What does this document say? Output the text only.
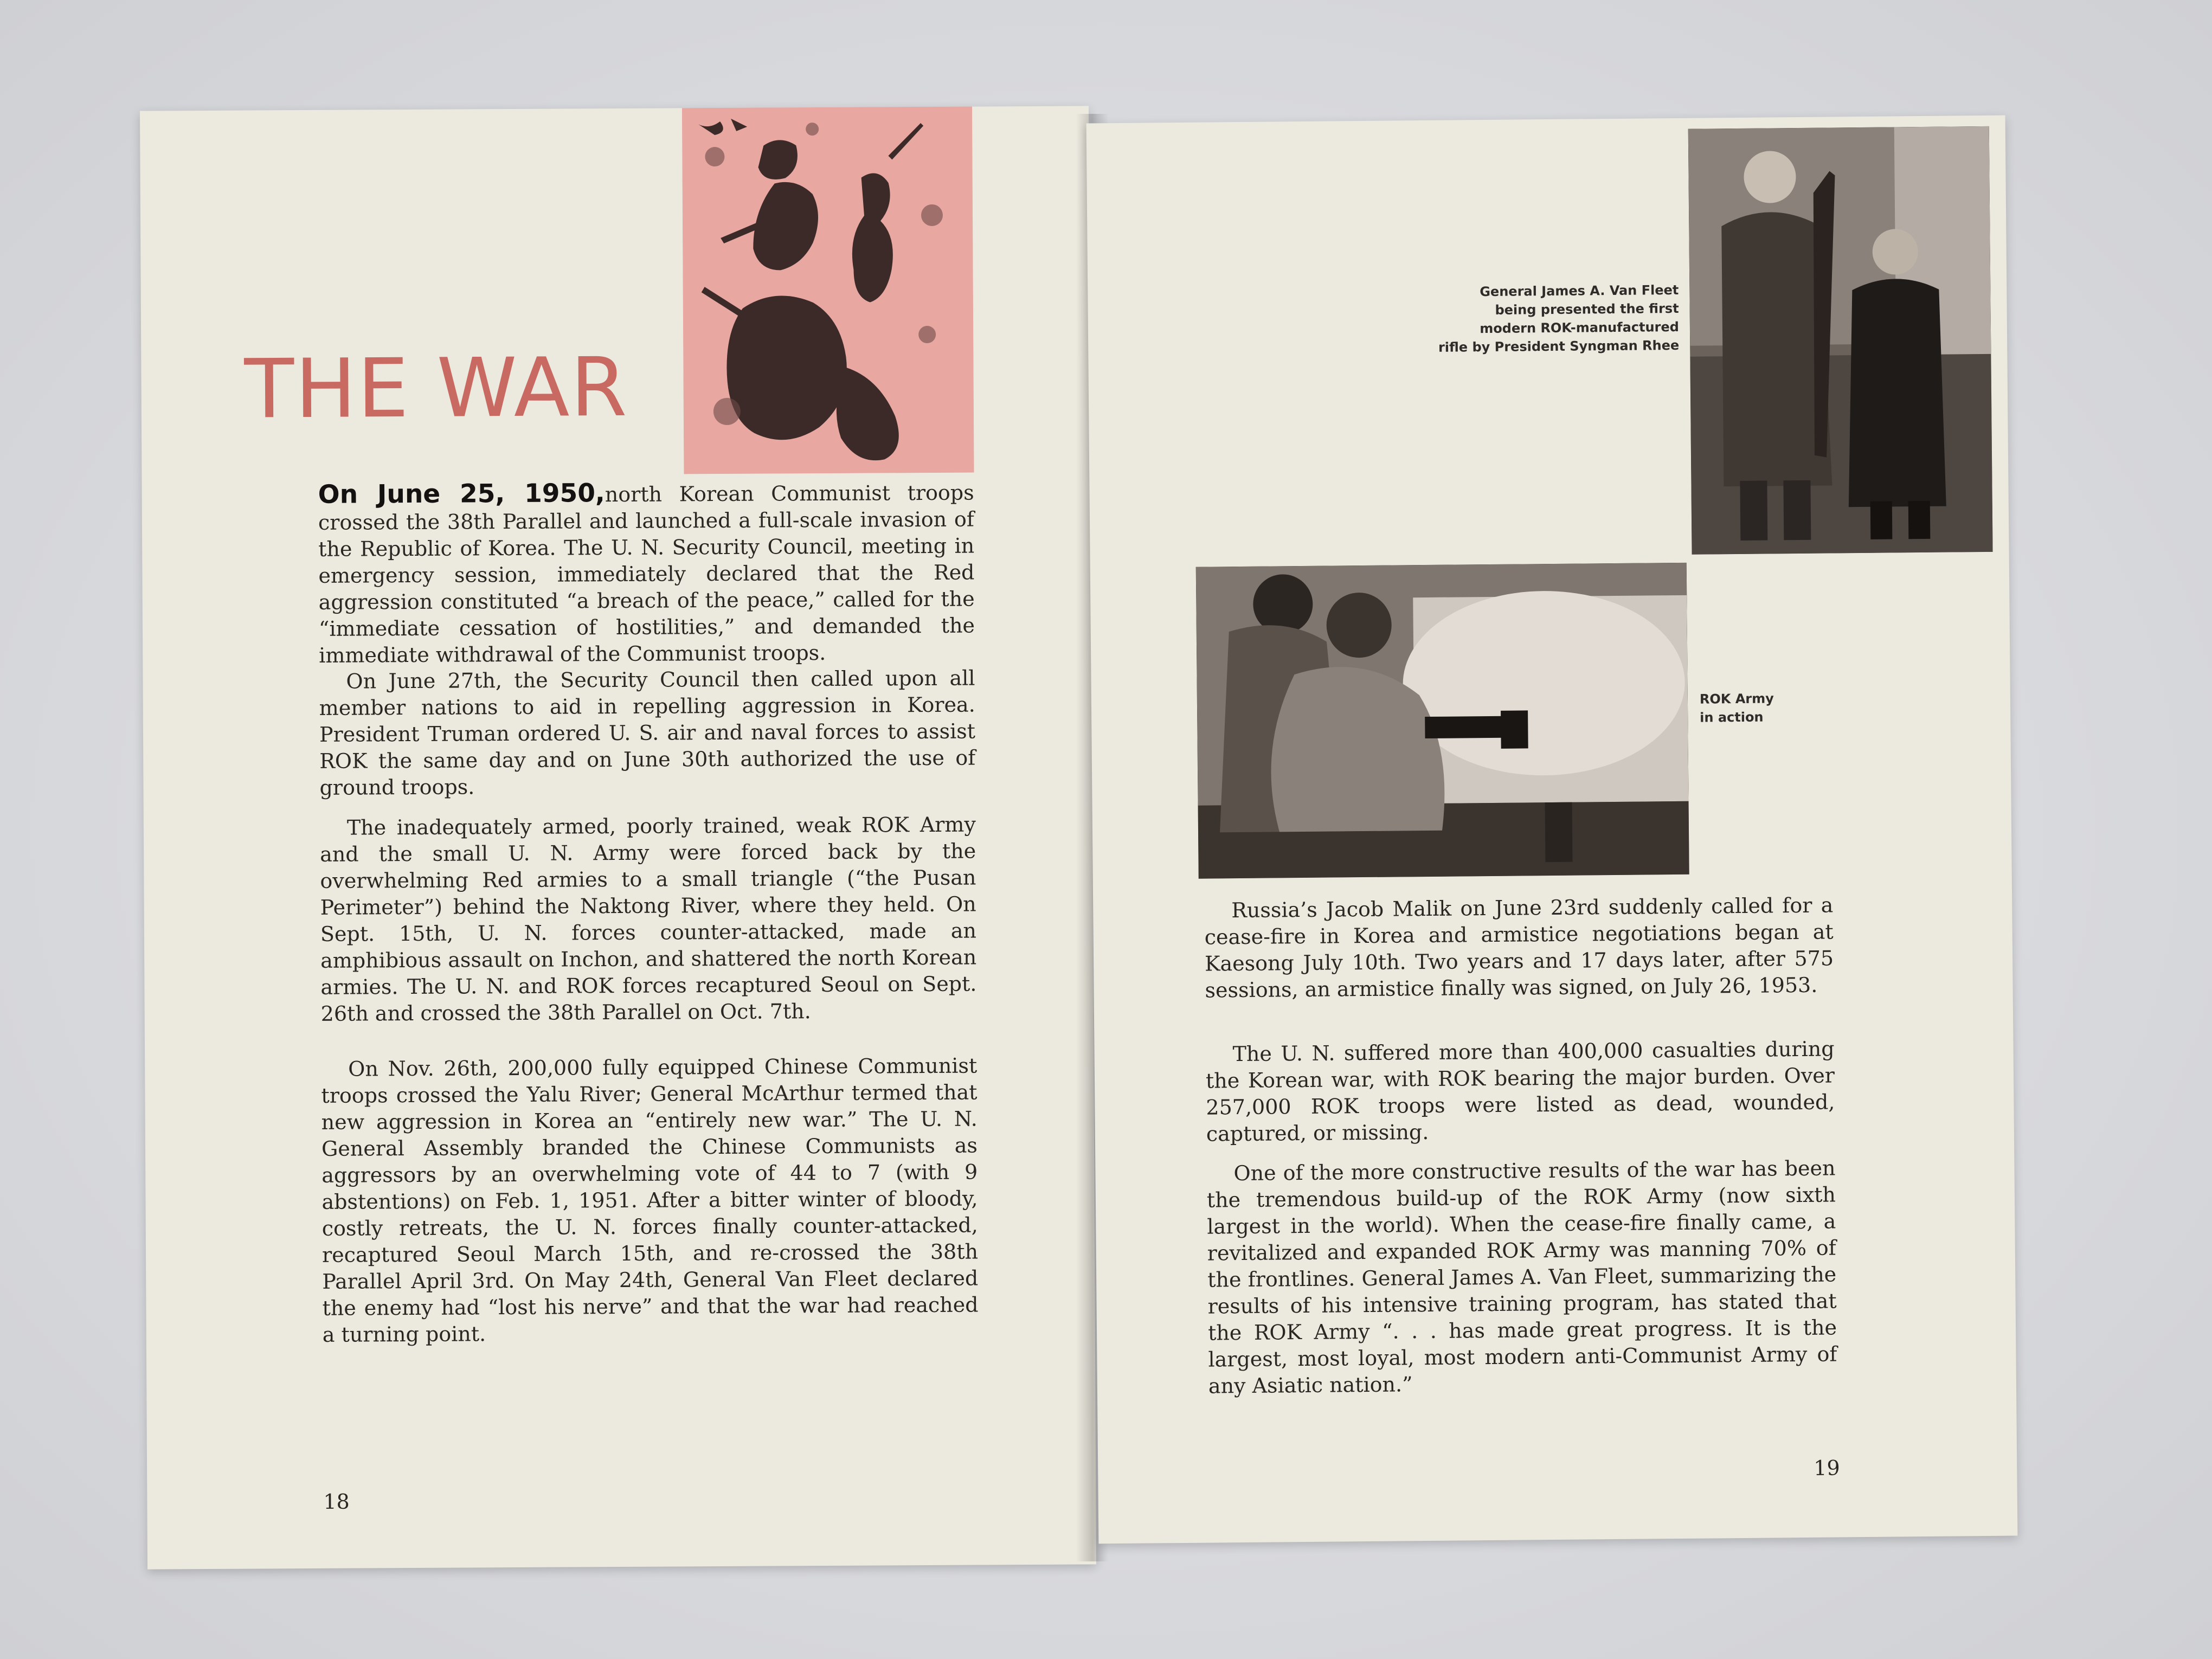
THE WAR

On June 25, 1950,north Korean Communist troops crossed the 38th Parallel and launched a full-scale invasion of the Republic of Korea. The U. N. Security Council, meeting in emergency session, immediately declared that the Red aggression constituted “a breach of the peace,” called for the “immediate cessation of hostilities,” and demanded the immediate withdrawal of the Communist troops.

On June 27th, the Security Council then called upon all member nations to aid in repelling aggression in Korea. President Truman ordered U. S. air and naval forces to assist ROK the same day and on June 30th authorized the use of ground troops.

The inadequately armed, poorly trained, weak ROK Army and the small U. N. Army were forced back by the overwhelming Red armies to a small triangle (“the Pusan Perimeter”) behind the Naktong River, where they held. On Sept. 15th, U. N. forces counter-attacked, made an amphibious assault on Inchon, and shattered the north Korean armies. The U. N. and ROK forces recaptured Seoul on Sept. 26th and crossed the 38th Parallel on Oct. 7th.

On Nov. 26th, 200,000 fully equipped Chinese Communist troops crossed the Yalu River; General McArthur termed that new aggression in Korea an “entirely new war.” The U. N. General Assembly branded the Chinese Communists as aggressors by an overwhelming vote of 44 to 7 (with 9 abstentions) on Feb. 1, 1951. After a bitter winter of bloody, costly retreats, the U. N. forces finally counter-attacked, recaptured Seoul March 15th, and re-crossed the 38th Parallel April 3rd. On May 24th, General Van Fleet declared the enemy had “lost his nerve” and that the war had reached a turning point.

18
General James A. Van Fleet
being presented the first
modern ROK-manufactured
rifle by President Syngman Rhee
ROK Army
in action

Russia’s Jacob Malik on June 23rd suddenly called for a cease-fire in Korea and armistice negotiations began at Kaesong July 10th. Two years and 17 days later, after 575 sessions, an armistice finally was signed, on July 26, 1953.

The U. N. suffered more than 400,000 casualties during the Korean war, with ROK bearing the major burden. Over 257,000 ROK troops were listed as dead, wounded, captured, or missing.

One of the more constructive results of the war has been the tremendous build-up of the ROK Army (now sixth largest in the world). When the cease-fire finally came, a revitalized and expanded ROK Army was manning 70% of the frontlines. General James A. Van Fleet, summarizing the results of his intensive training program, has stated that the ROK Army “. . . has made great progress. It is the largest, most loyal, most modern anti-Communist Army of any Asiatic nation.”

19
